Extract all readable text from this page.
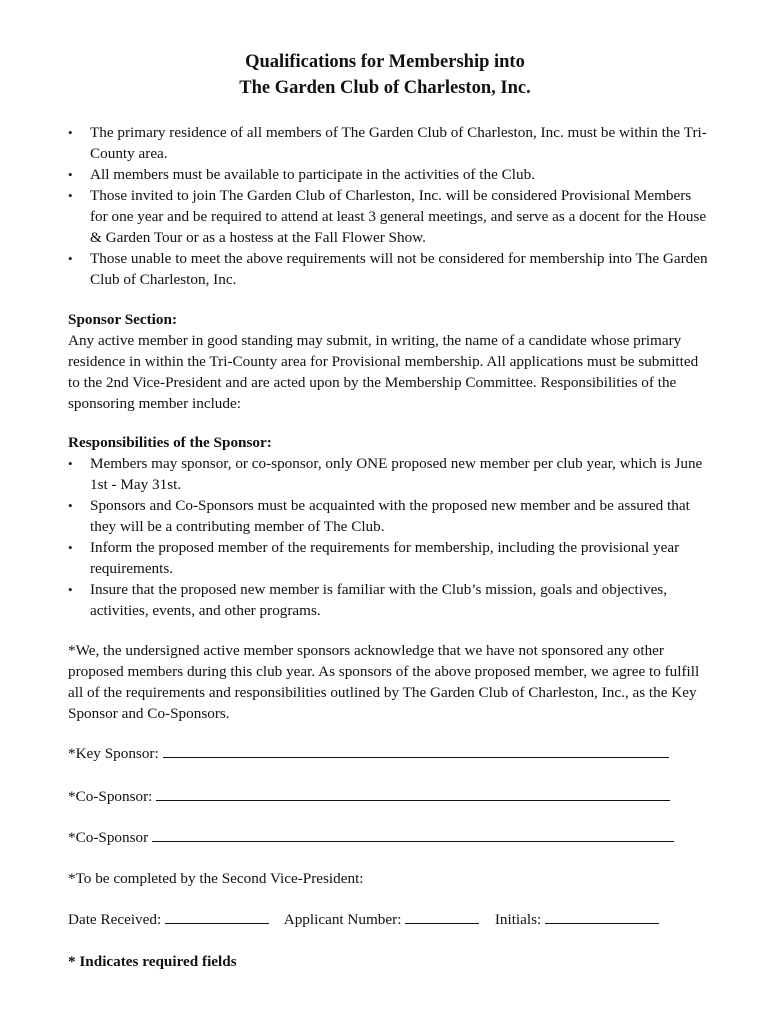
Qualifications for Membership into
The Garden Club of Charleston, Inc.
• The primary residence of all members of The Garden Club of Charleston, Inc. must be within the Tri-County area.
• All members must be available to participate in the activities of the Club.
• Those invited to join The Garden Club of Charleston, Inc. will be considered Provisional Members for one year and be required to attend at least 3 general meetings, and serve as a docent for the House & Garden Tour or as a hostess at the Fall Flower Show.
• Those unable to meet the above requirements will not be considered for membership into The Garden Club of Charleston, Inc.
Sponsor Section:
Any active member in good standing may submit, in writing, the name of a candidate whose primary residence in within the Tri-County area for Provisional membership. All applications must be submitted to the 2nd Vice-President and are acted upon by the Membership Committee. Responsibilities of the sponsoring member include:
Responsibilities of the Sponsor:
• Members may sponsor, or co-sponsor, only ONE proposed new member per club year, which is June 1st - May 31st.
• Sponsors and Co-Sponsors must be acquainted with the proposed new member and be assured that they will be a contributing member of The Club.
• Inform the proposed member of the requirements for membership, including the provisional year requirements.
• Insure that the proposed new member is familiar with the Club’s mission, goals and objectives, activities, events, and other programs.
*We, the undersigned active member sponsors acknowledge that we have not sponsored any other proposed members during this club year. As sponsors of the above proposed member, we agree to fulfill all of the requirements and responsibilities outlined by The Garden Club of Charleston, Inc., as the Key Sponsor and Co-Sponsors.
*Key Sponsor:
*Co-Sponsor:
*Co-Sponsor
*To be completed by the Second Vice-President:
Date Received:	Applicant Number:	Initials:
* Indicates required fields
